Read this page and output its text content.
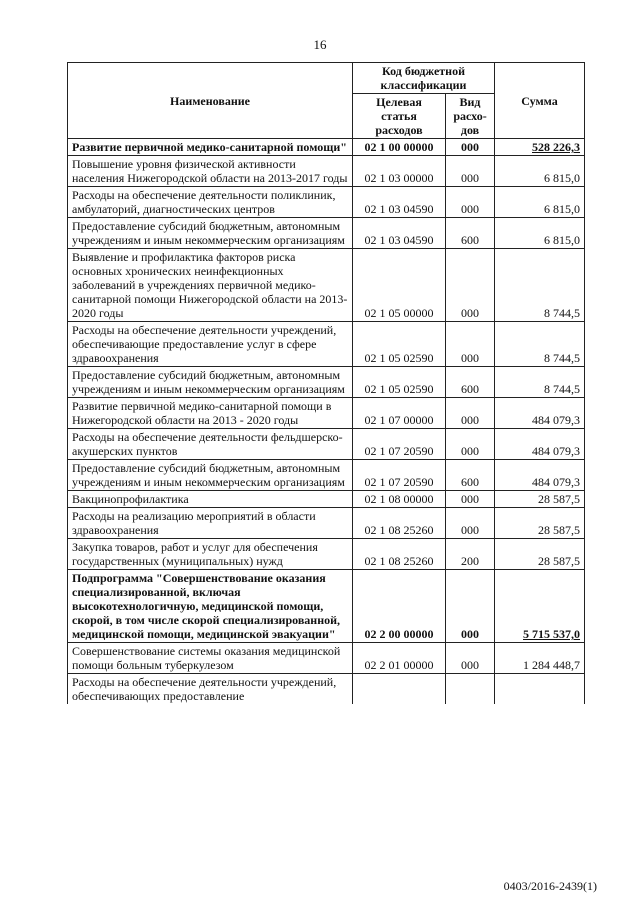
16
Наименование	Код бюджетной классификации		Сумма
	Целевая статья расходов	Вид расхо-дов	
Развитие первичной медико-санитарной помощи"	02 1 00 00000	000	528 226,3
Повышение уровня физической активности населения Нижегородской области на 2013-2017 годы	02 1 03 00000	000	6 815,0
Расходы на обеспечение деятельности поликлиник, амбулаторий, диагностических центров	02 1 03 04590	000	6 815,0
Предоставление субсидий бюджетным, автономным учреждениям и иным некоммерческим организациям	02 1 03 04590	600	6 815,0
Выявление и профилактика факторов риска основных хронических неинфекционных заболеваний в учреждениях первичной медико-санитарной помощи Нижегородской области на 2013-2020 годы	02 1 05 00000	000	8 744,5
Расходы на обеспечение деятельности учреждений, обеспечивающие предоставление услуг в сфере здравоохранения	02 1 05 02590	000	8 744,5
Предоставление субсидий бюджетным, автономным учреждениям и иным некоммерческим организациям	02 1 05 02590	600	8 744,5
Развитие первичной медико-санитарной помощи в Нижегородской области на 2013 - 2020 годы	02 1 07 00000	000	484 079,3
Расходы на обеспечение деятельности фельдшерско-акушерских пунктов	02 1 07 20590	000	484 079,3
Предоставление субсидий бюджетным, автономным учреждениям и иным некоммерческим организациям	02 1 07 20590	600	484 079,3
Вакцинопрофилактика	02 1 08 00000	000	28 587,5
Расходы на реализацию мероприятий в области здравоохранения	02 1 08 25260	000	28 587,5
Закупка товаров, работ и услуг для обеспечения государственных (муниципальных) нужд	02 1 08 25260	200	28 587,5
Подпрограмма "Совершенствование оказания специализированной, включая высокотехнологичную, медицинской помощи, скорой, в том числе скорой специализированной, медицинской помощи, медицинской эвакуации"	02 2 00 00000	000	5 715 537,0
Совершенствование системы оказания медицинской помощи больным туберкулезом	02 2 01 00000	000	1 284 448,7
Расходы на обеспечение деятельности учреждений, обеспечивающих предоставление			
0403/2016-2439(1)
